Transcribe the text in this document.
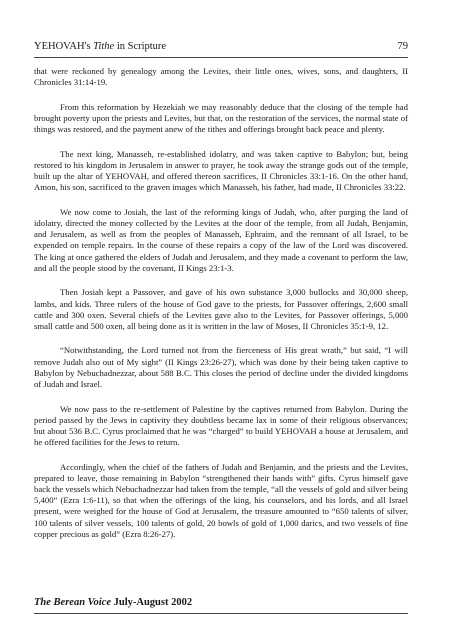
YEHOVAH's Tithe in Scripture	79

that were reckoned by genealogy among the Levites, their little ones, wives, sons, and daughters, II Chronicles 31:14-19.

From this reformation by Hezekiah we may reasonably deduce that the closing of the temple had brought poverty upon the priests and Levites, but that, on the restoration of the services, the normal state of things was restored, and the payment anew of the tithes and offerings brought back peace and plenty.

The next king, Manasseh, re-established idolatry, and was taken captive to Babylon; but, being restored to his kingdom in Jerusalem in answer to prayer, he took away the strange gods out of the temple, built up the altar of YEHOVAH, and offered thereon sacrifices, II Chronicles 33:1-16. On the other hand, Amon, his son, sacrificed to the graven images which Manasseh, his father, had made, II Chronicles 33:22.

We now come to Josiah, the last of the reforming kings of Judah, who, after purging the land of idolatry, directed the money collected by the Levites at the door of the temple, from all Judah, Benjamin, and Jerusalem, as well as from the peoples of Manasseh, Ephraim, and the remnant of all Israel, to be expended on temple repairs. In the course of these repairs a copy of the law of the Lord was discovered. The king at once gathered the elders of Judah and Jerusalem, and they made a covenant to perform the law, and all the people stood by the covenant, II Kings 23:1-3.

Then Josiah kept a Passover, and gave of his own substance 3,000 bullocks and 30,000 sheep, lambs, and kids. Three rulers of the house of God gave to the priests, for Passover offerings, 2,600 small cattle and 300 oxen. Several chiefs of the Levites gave also to the Levites, for Passover offerings, 5,000 small cattle and 500 oxen, all being done as it is written in the law of Moses, II Chronicles 35:1-9, 12.

“Notwithstanding, the Lord turned not from the fierceness of His great wrath,” but said, “I will remove Judah also out of My sight” (II Kings 23:26-27), which was done by their being taken captive to Babylon by Nebuchadnezzar, about 588 B.C. This closes the period of decline under the divided kingdoms of Judah and Israel.

We now pass to the re-settlement of Palestine by the captives returned from Babylon. During the period passed by the Jews in captivity they doubtless became lax in some of their religious observances; but about 536 B.C. Cyrus proclaimed that he was “charged” to build YEHOVAH a house at Jerusalem, and he offered facilities for the Jews to return.

Accordingly, when the chief of the fathers of Judah and Benjamin, and the priests and the Levites, prepared to leave, those remaining in Babylon “strengthened their hands with” gifts. Cyrus himself gave back the vessels which Nebuchadnezzar had taken from the temple, “all the vessels of gold and silver being 5,400” (Ezra 1:6-11), so that when the offerings of the king, his counselors, and his lords, and all Israel present, were weighed for the house of God at Jerusalem, the treasure amounted to “650 talents of silver, 100 talents of silver vessels, 100 talents of gold, 20 bowls of gold of 1,000 darics, and two vessels of fine copper precious as gold” (Ezra 8:26-27).

The Berean Voice July-August 2002
